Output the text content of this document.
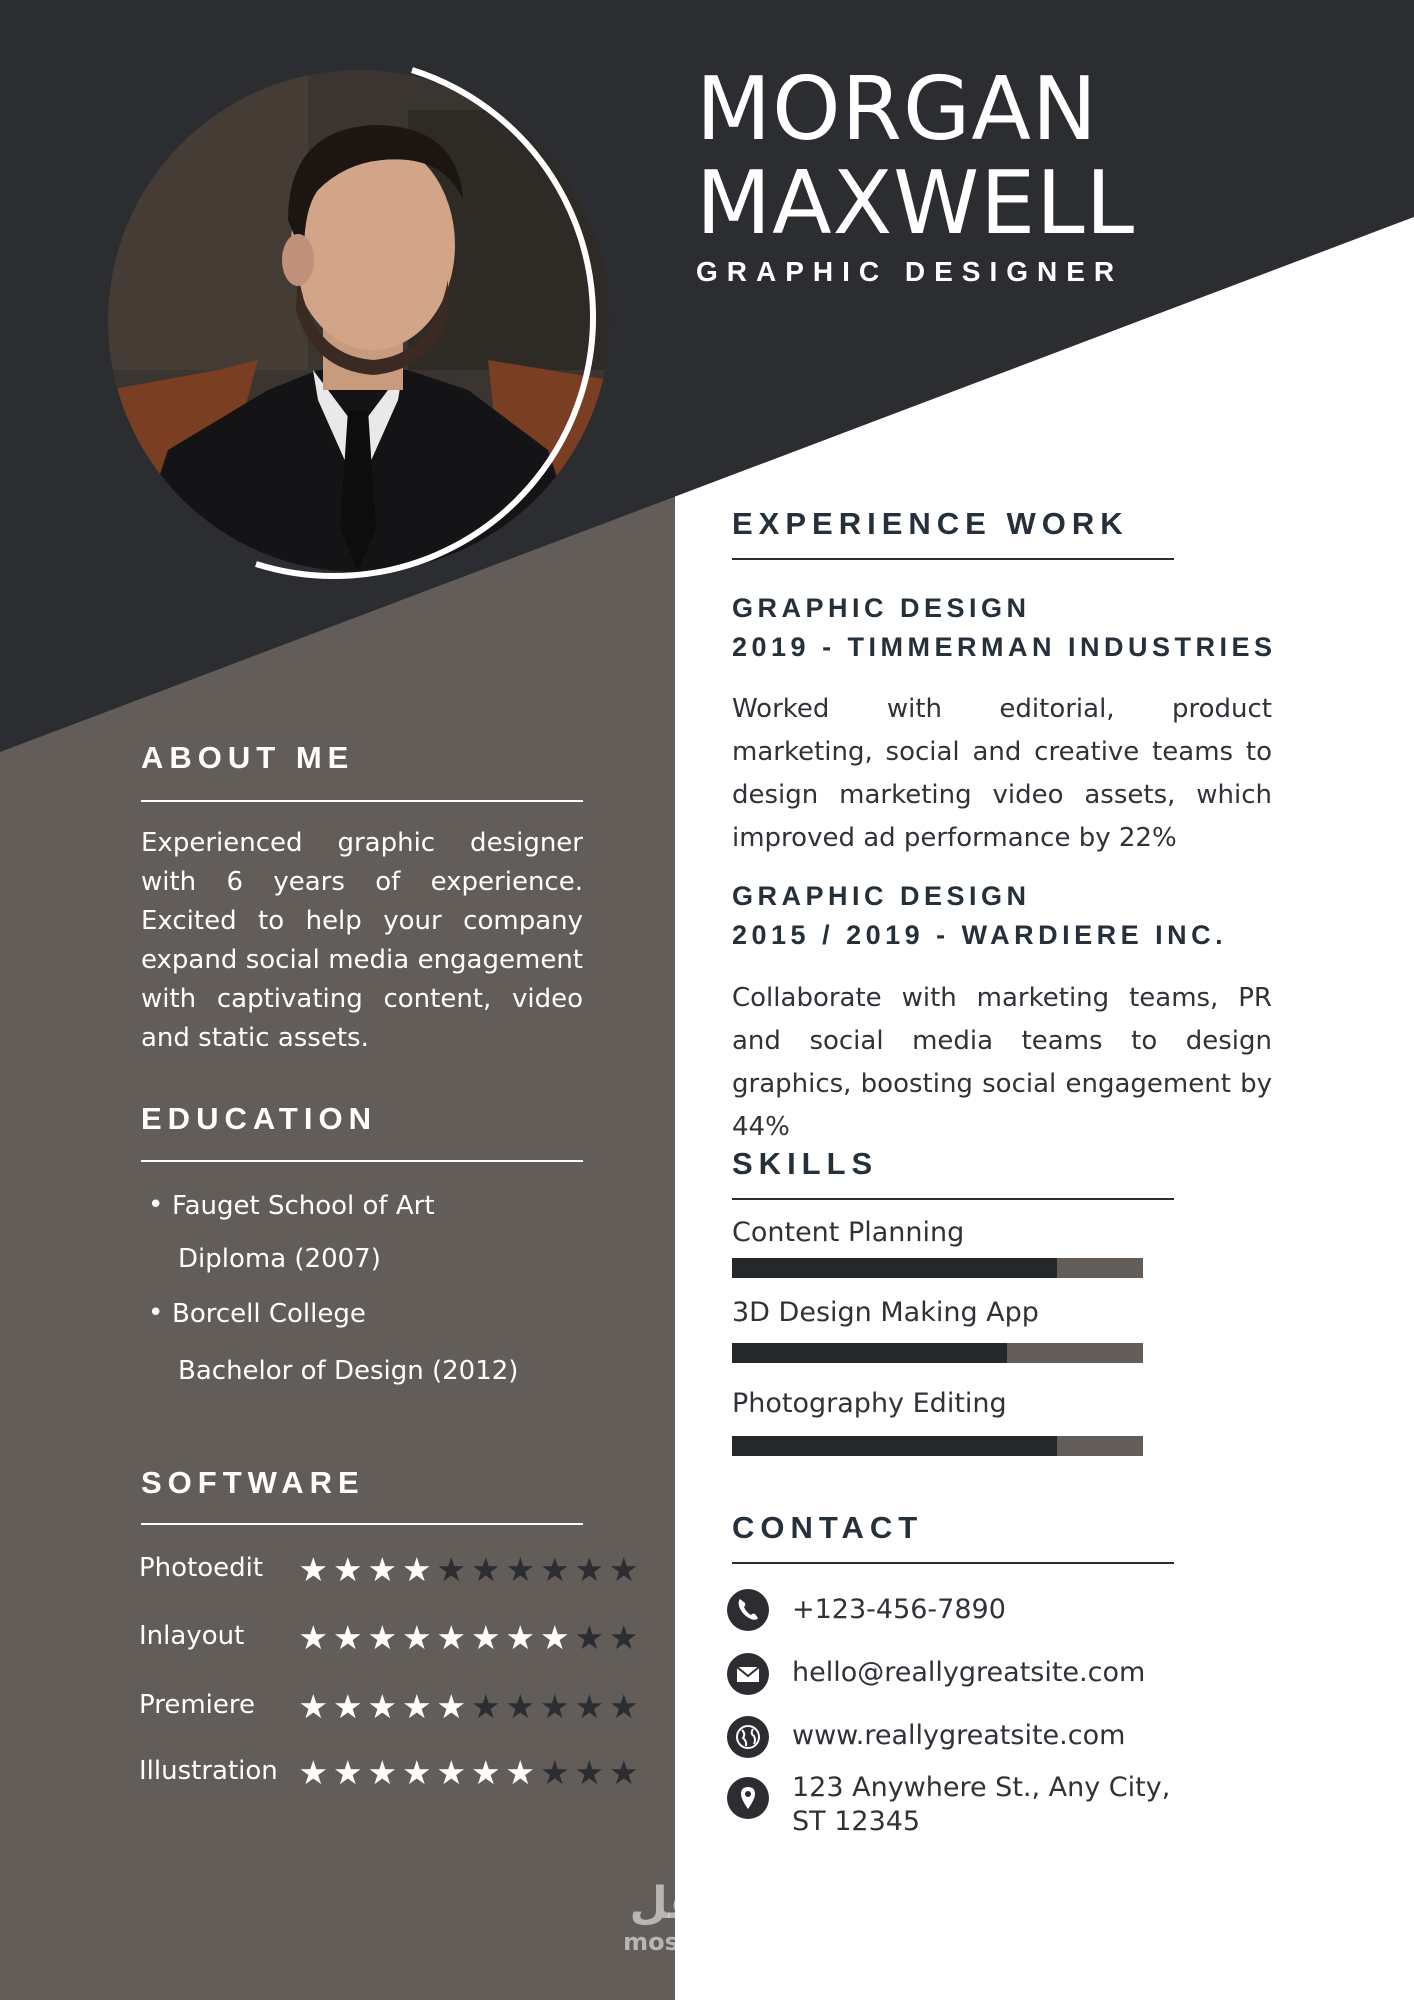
MORGAN
MAXWELL
GRAPHIC DESIGNER
ABOUT ME
Experienced graphic designer with 6 years of experience. Excited to help your company expand social media engagement with captivating content, video and static assets.
EDUCATION
• Fauget School of Art
Diploma (2007)
• Borcell College
Bachelor of Design (2012)
SOFTWARE
Photoedit ★ ★ ★ ★ ★ ★ ★ ★ ★ ★
Inlayout ★ ★ ★ ★ ★ ★ ★ ★ ★ ★
Premiere ★ ★ ★ ★ ★ ★ ★ ★ ★ ★
Illustration ★ ★ ★ ★ ★ ★ ★ ★ ★ ★
EXPERIENCE WORK
GRAPHIC DESIGN
2019 - TIMMERMAN INDUSTRIES
Worked with editorial, product marketing, social and creative teams to design marketing video assets, which improved ad performance by 22%
GRAPHIC DESIGN
2015 / 2019 - WARDIERE INC.
Collaborate with marketing teams, PR and social media teams to design graphics, boosting social engagement by 44%
SKILLS
Content Planning
3D Design Making App
Photography Editing
CONTACT
+123-456-7890
hello@reallygreatsite.com
www.reallygreatsite.com
123 Anywhere St., Any City,
ST 12345
مستقل
mostaql.com
